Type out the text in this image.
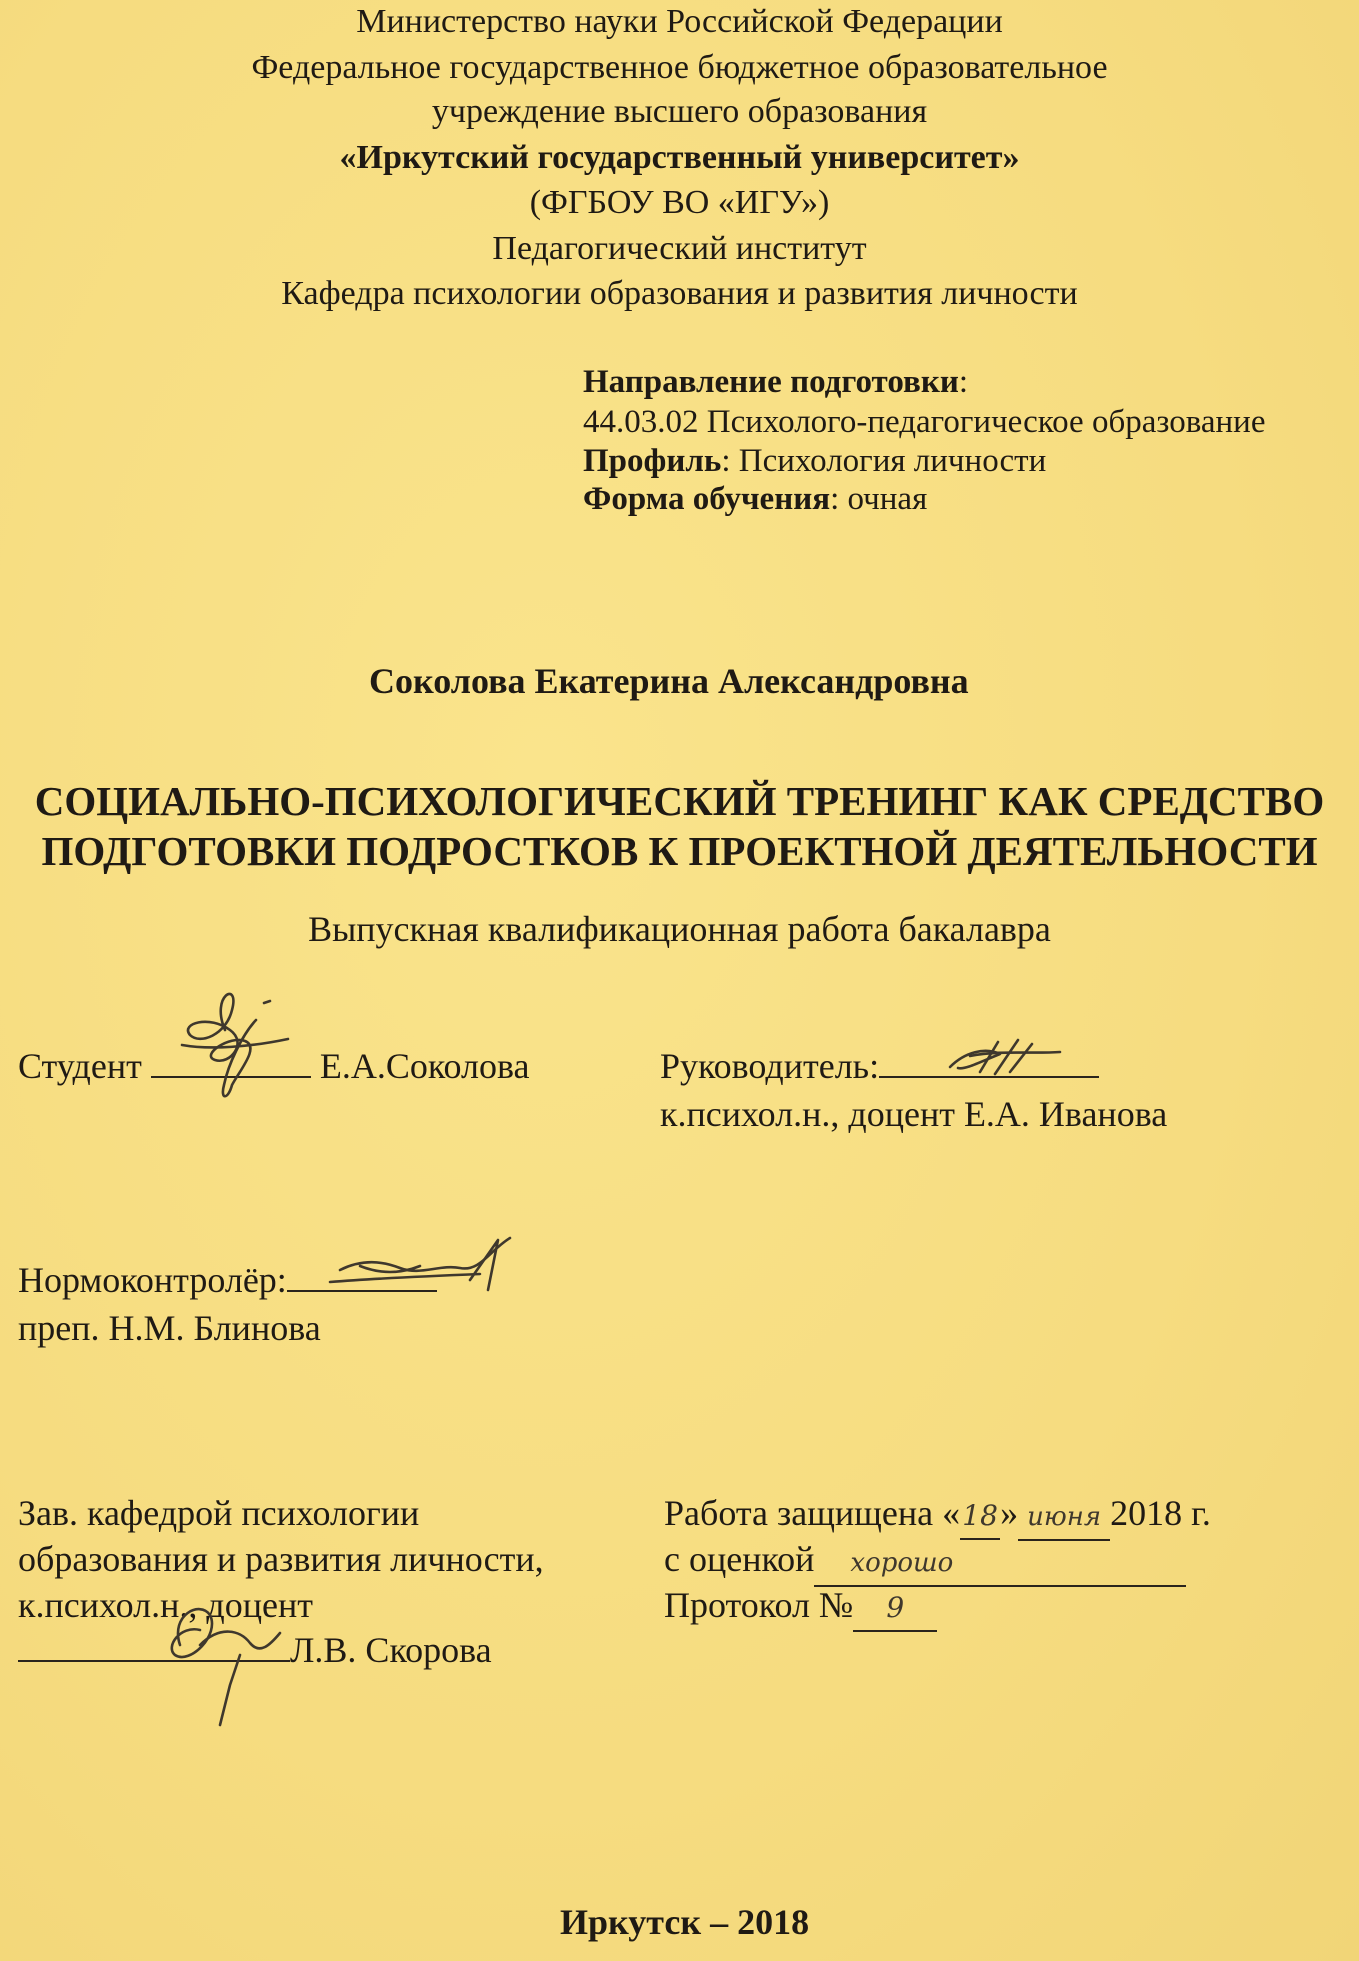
Министерство науки Российской Федерации
Федеральное государственное бюджетное образовательное
учреждение высшего образования
«Иркутский государственный университет»
(ФГБОУ ВО «ИГУ»)
Педагогический институт
Кафедра психологии образования и развития личности
Направление подготовки:
44.03.02 Психолого-педагогическое образование
Профиль: Психология личности
Форма обучения: очная
Соколова Екатерина Александровна
СОЦИАЛЬНО-ПСИХОЛОГИЧЕСКИЙ ТРЕНИНГ КАК СРЕДСТВО
ПОДГОТОВКИ ПОДРОСТКОВ К ПРОЕКТНОЙ ДЕЯТЕЛЬНОСТИ
Выпускная квалификационная работа бакалавра
Студент	Е.А.Соколова	Руководитель:
к.психол.н., доцент Е.А. Иванова
Нормоконтролёр:
преп. Н.М. Блинова
Зав. кафедрой психологии
образования и развития личности,
к.психол.н., доцент
Л.В. Скорова
Работа защищена «18» июня 2018 г.
с оценкой хорошо
Протокол № 9
Иркутск – 2018
